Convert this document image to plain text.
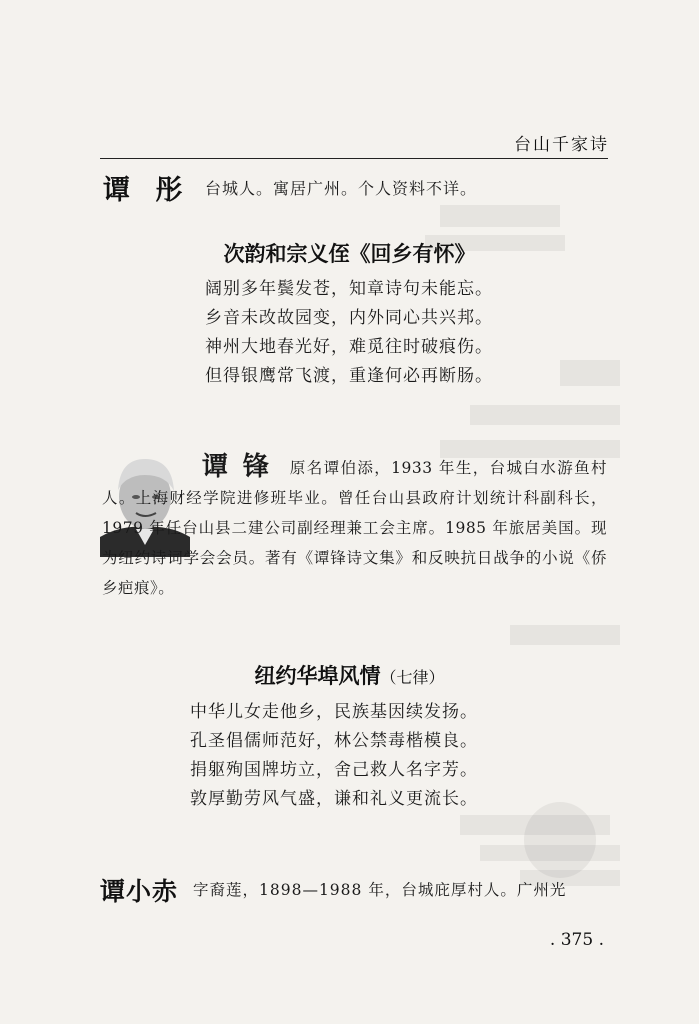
台山千家诗
谭 彤 台城人。寓居广州。个人资料不详。
次韵和宗义侄《回乡有怀》
阔别多年鬓发苍，知章诗句未能忘。
乡音未改故园变，内外同心共兴邦。
神州大地春光好，难觅往时破痕伤。
但得银鹰常飞渡，重逢何必再断肠。
谭锋 原名谭伯添，1933 年生，台城白水游鱼村人。上海财经学院进修班毕业。曾任台山县政府计划统计科副科长，1979 年任台山县二建公司副经理兼工会主席。1985 年旅居美国。现为纽约诗词学会会员。著有《谭锋诗文集》和反映抗日战争的小说《侨乡疤痕》。
纽约华埠风情（七律）
中华儿女走他乡，民族基因续发扬。
孔圣倡儒师范好，林公禁毒楷模良。
捐躯殉国牌坊立，舍己救人名字芳。
敦厚勤劳风气盛，谦和礼义更流长。
谭小赤 字裔莲，1898—1988 年，台城庇厚村人。广州光
. 375 .
